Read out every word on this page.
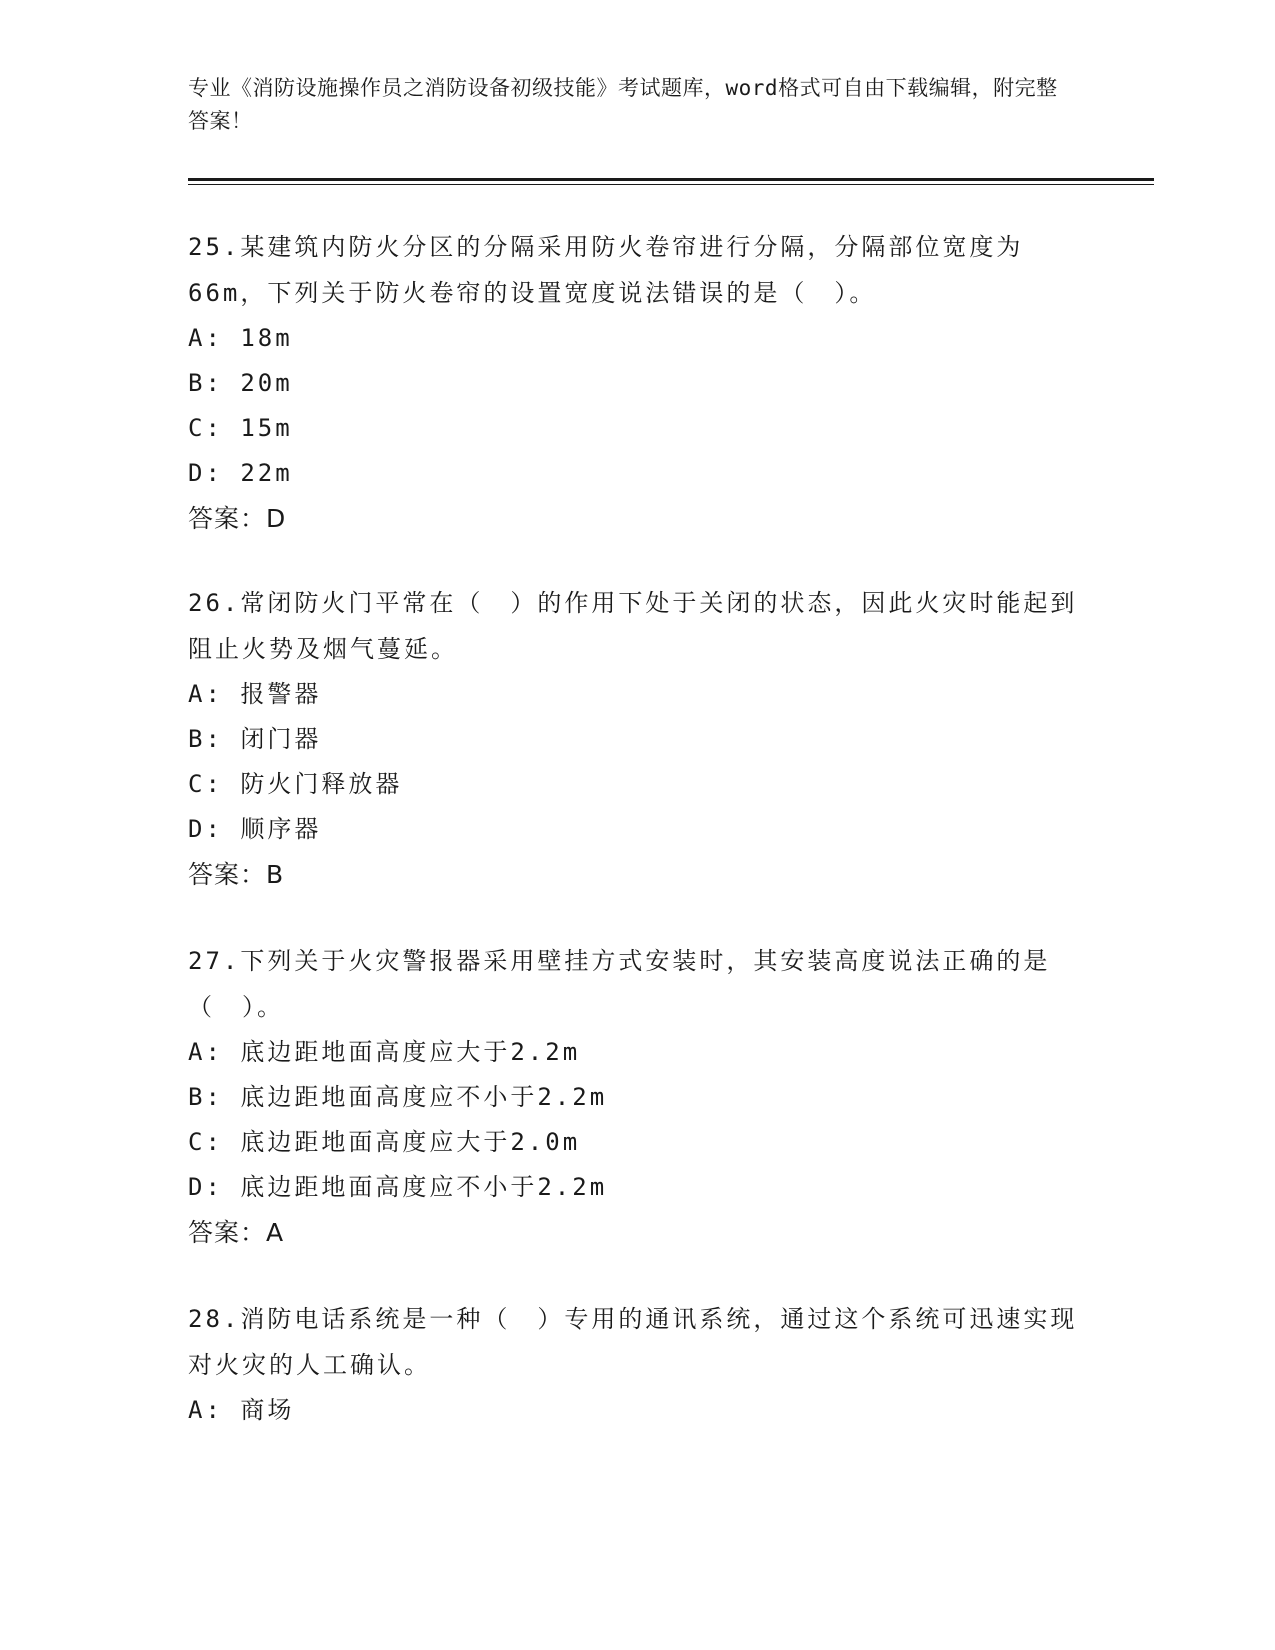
专业《消防设施操作员之消防设备初级技能》考试题库，word格式可自由下载编辑，附完整答案！

25.某建筑内防火分区的分隔采用防火卷帘进行分隔，分隔部位宽度为66m，下列关于防火卷帘的设置宽度说法错误的是（　）。

A: 18m

B: 20m

C: 15m

D: 22m

答案：D

26.常闭防火门平常在（　）的作用下处于关闭的状态，因此火灾时能起到阻止火势及烟气蔓延。

A: 报警器

B: 闭门器

C: 防火门释放器

D: 顺序器

答案：B

27.下列关于火灾警报器采用壁挂方式安装时，其安装高度说法正确的是（　）。

A: 底边距地面高度应大于2.2m

B: 底边距地面高度应不小于2.2m

C: 底边距地面高度应大于2.0m

D: 底边距地面高度应不小于2.2m

答案：A

28.消防电话系统是一种（　）专用的通讯系统，通过这个系统可迅速实现对火灾的人工确认。

A: 商场
